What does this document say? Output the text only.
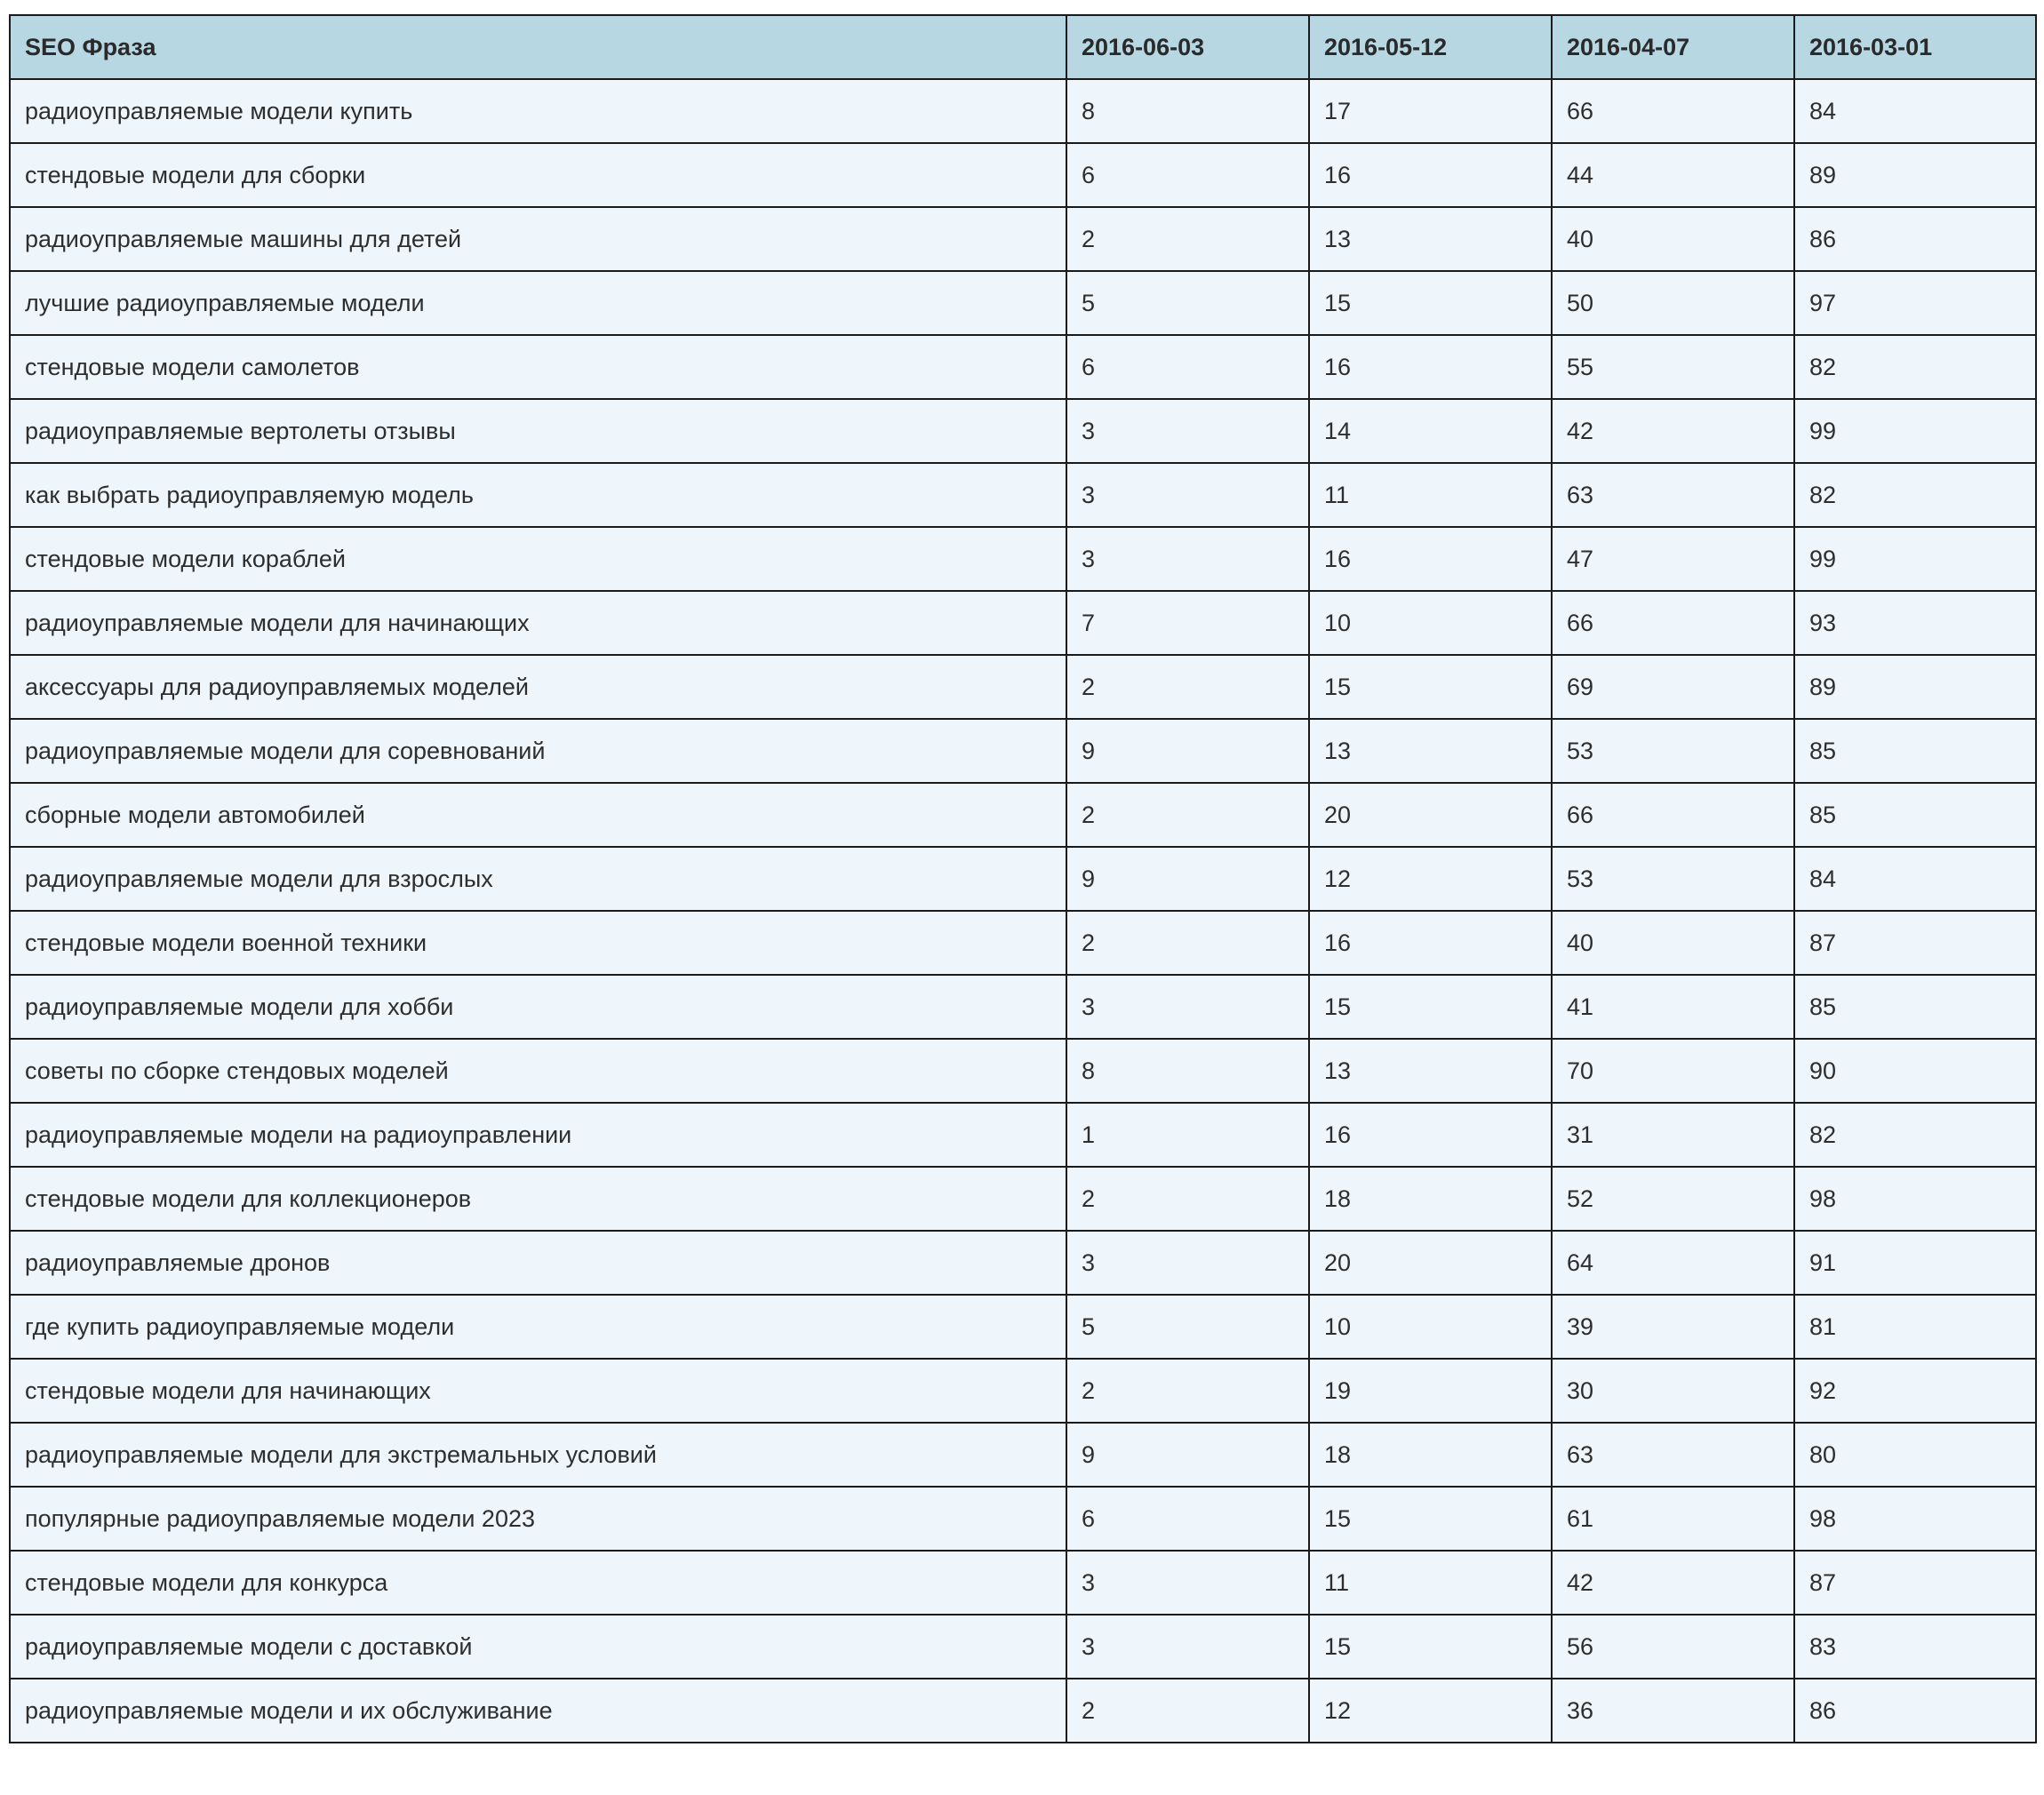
SEO Фраза	2016-06-03	2016-05-12	2016-04-07	2016-03-01
радиоуправляемые модели купить	8	17	66	84
стендовые модели для сборки	6	16	44	89
радиоуправляемые машины для детей	2	13	40	86
лучшие радиоуправляемые модели	5	15	50	97
стендовые модели самолетов	6	16	55	82
радиоуправляемые вертолеты отзывы	3	14	42	99
как выбрать радиоуправляемую модель	3	11	63	82
стендовые модели кораблей	3	16	47	99
радиоуправляемые модели для начинающих	7	10	66	93
аксессуары для радиоуправляемых моделей	2	15	69	89
радиоуправляемые модели для соревнований	9	13	53	85
сборные модели автомобилей	2	20	66	85
радиоуправляемые модели для взрослых	9	12	53	84
стендовые модели военной техники	2	16	40	87
радиоуправляемые модели для хобби	3	15	41	85
советы по сборке стендовых моделей	8	13	70	90
радиоуправляемые модели на радиоуправлении	1	16	31	82
стендовые модели для коллекционеров	2	18	52	98
радиоуправляемые дронов	3	20	64	91
где купить радиоуправляемые модели	5	10	39	81
стендовые модели для начинающих	2	19	30	92
радиоуправляемые модели для экстремальных условий	9	18	63	80
популярные радиоуправляемые модели 2023	6	15	61	98
стендовые модели для конкурса	3	11	42	87
радиоуправляемые модели с доставкой	3	15	56	83
радиоуправляемые модели и их обслуживание	2	12	36	86
